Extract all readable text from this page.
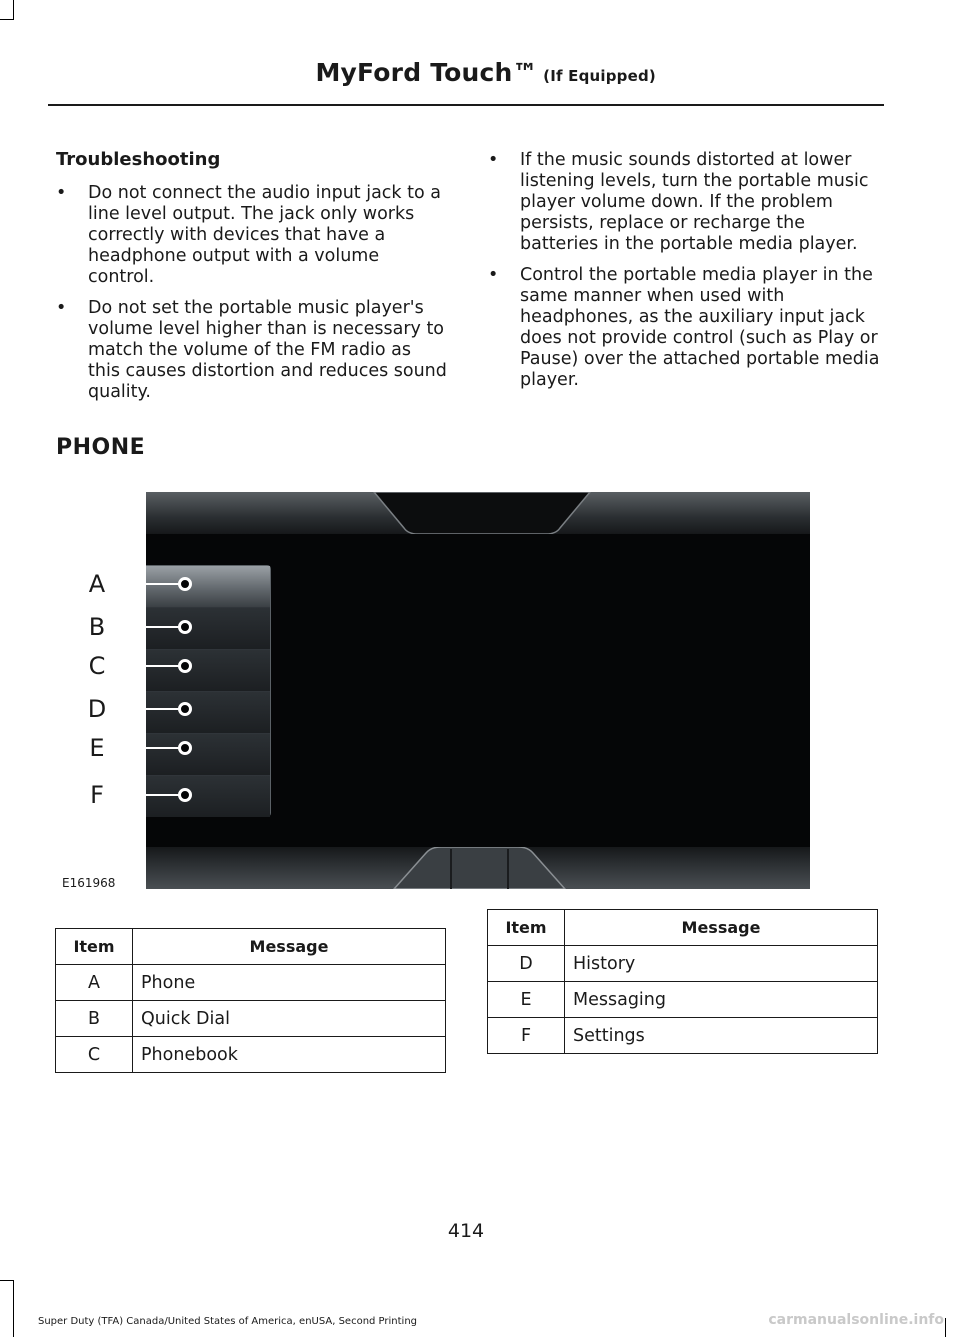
MyFord Touch™ (If Equipped)
Troubleshooting
•	Do not connect the audio input jack to a line level output. The jack only works correctly with devices that have a headphone output with a volume control.
•	Do not set the portable music player's volume level higher than is necessary to match the volume of the FM radio as this causes distortion and reduces sound quality.
•	If the music sounds distorted at lower listening levels, turn the portable music player volume down. If the problem persists, replace or recharge the batteries in the portable media player.
•	Control the portable media player in the same manner when used with headphones, as the auxiliary input jack does not provide control (such as Play or Pause) over the attached portable media player.
PHONE
A
B
C
D
E
F
E161968
Item	Message
A	Phone
B	Quick Dial
C	Phonebook
Item	Message
D	History
E	Messaging
F	Settings
414
Super Duty (TFA) Canada/United States of America, enUSA, Second Printing	carmanualsonline.info
